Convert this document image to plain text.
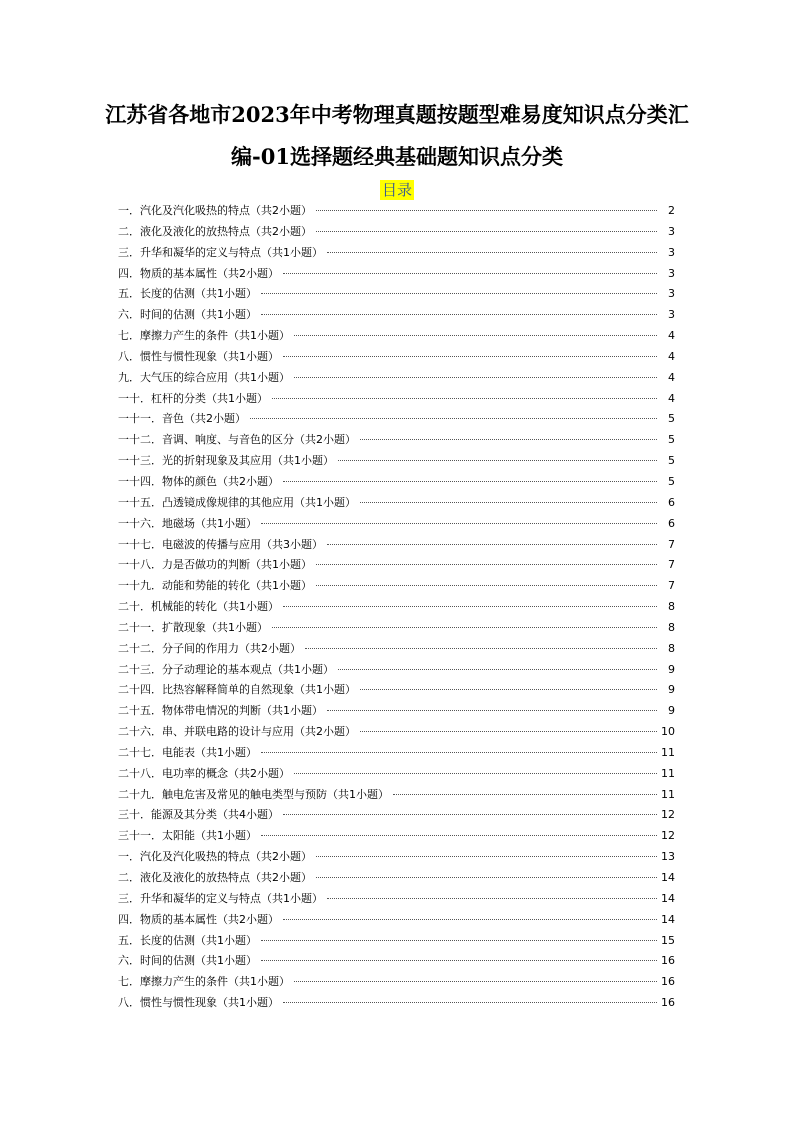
江苏省各地市2023年中考物理真题按题型难易度知识点分类汇
编-01选择题经典基础题知识点分类
目录
一．汽化及汽化吸热的特点（共2小题）	2
二．液化及液化的放热特点（共2小题）	3
三．升华和凝华的定义与特点（共1小题）	3
四．物质的基本属性（共2小题）	3
五．长度的估测（共1小题）	3
六．时间的估测（共1小题）	3
七．摩擦力产生的条件（共1小题）	4
八．惯性与惯性现象（共1小题）	4
九．大气压的综合应用（共1小题）	4
一十．杠杆的分类（共1小题）	4
一十一．音色（共2小题）	5
一十二．音调、响度、与音色的区分（共2小题）	5
一十三．光的折射现象及其应用（共1小题）	5
一十四．物体的颜色（共2小题）	5
一十五．凸透镜成像规律的其他应用（共1小题）	6
一十六．地磁场（共1小题）	6
一十七．电磁波的传播与应用（共3小题）	7
一十八．力是否做功的判断（共1小题）	7
一十九．动能和势能的转化（共1小题）	7
二十．机械能的转化（共1小题）	8
二十一．扩散现象（共1小题）	8
二十二．分子间的作用力（共2小题）	8
二十三．分子动理论的基本观点（共1小题）	9
二十四．比热容解释简单的自然现象（共1小题）	9
二十五．物体带电情况的判断（共1小题）	9
二十六．串、并联电路的设计与应用（共2小题）	10
二十七．电能表（共1小题）	11
二十八．电功率的概念（共2小题）	11
二十九．触电危害及常见的触电类型与预防（共1小题）	11
三十．能源及其分类（共4小题）	12
三十一．太阳能（共1小题）	12
一．汽化及汽化吸热的特点（共2小题）	13
二．液化及液化的放热特点（共2小题）	14
三．升华和凝华的定义与特点（共1小题）	14
四．物质的基本属性（共2小题）	14
五．长度的估测（共1小题）	15
六．时间的估测（共1小题）	16
七．摩擦力产生的条件（共1小题）	16
八．惯性与惯性现象（共1小题）	16
